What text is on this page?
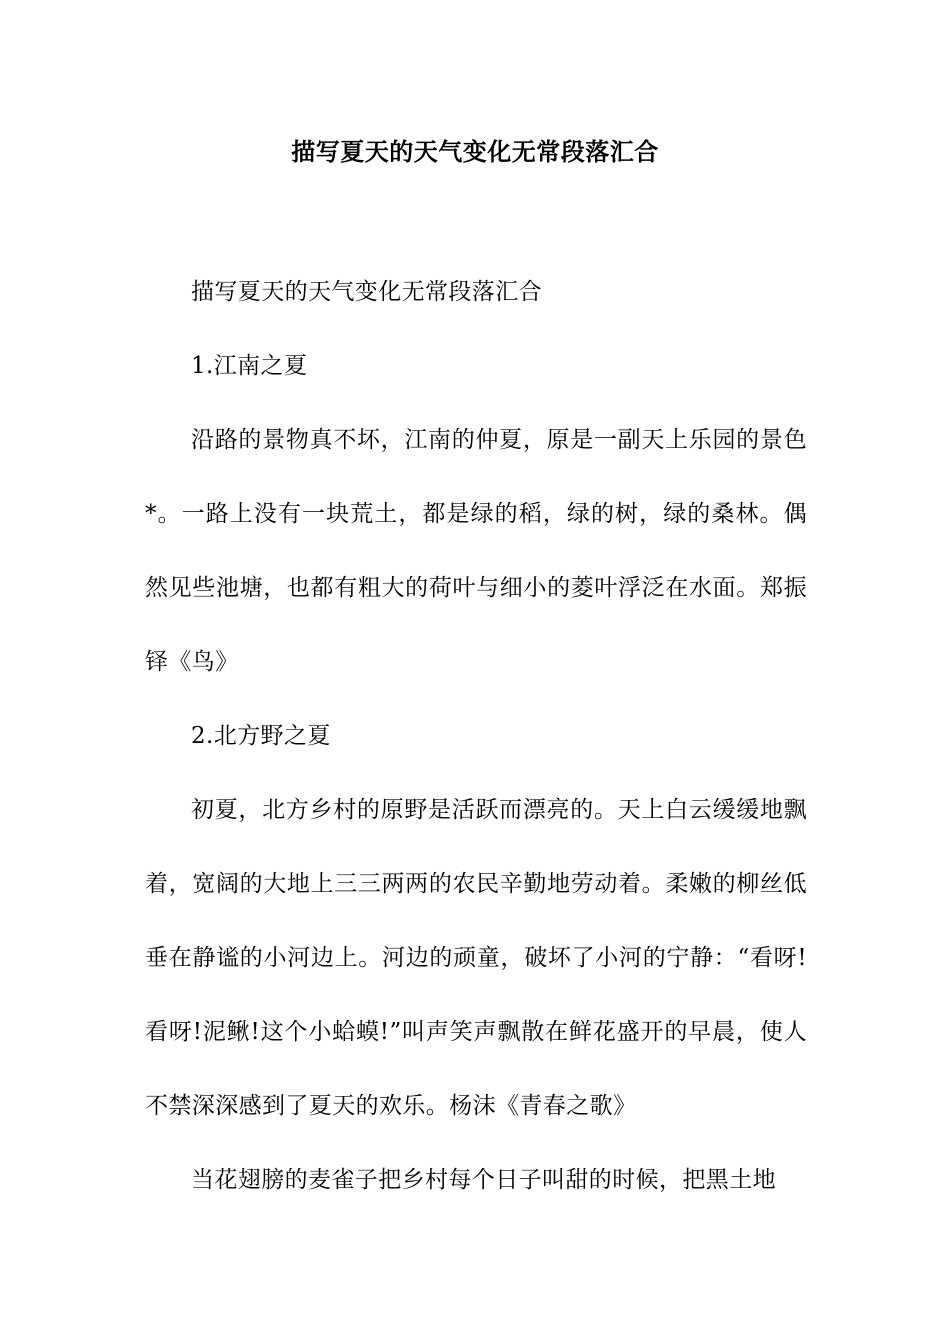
描写夏天的天气变化无常段落汇合

描写夏天的天气变化无常段落汇合

1.江南之夏

沿路的景物真不坏，江南的仲夏，原是一副天上乐园的景色*。一路上没有一块荒土，都是绿的稻，绿的树，绿的桑林。偶然见些池塘，也都有粗大的荷叶与细小的菱叶浮泛在水面。郑振铎《鸟》

2.北方野之夏

初夏，北方乡村的原野是活跃而漂亮的。天上白云缓缓地飘着，宽阔的大地上三三两两的农民辛勤地劳动着。柔嫩的柳丝低垂在静谧的小河边上。河边的顽童，破坏了小河的宁静：“看呀!看呀!泥鳅!这个小蛤蟆!”叫声笑声飘散在鲜花盛开的早晨，使人不禁深深感到了夏天的欢乐。杨沫《青春之歌》

当花翅膀的麦雀子把乡村每个日子叫甜的时候，把黑土地
